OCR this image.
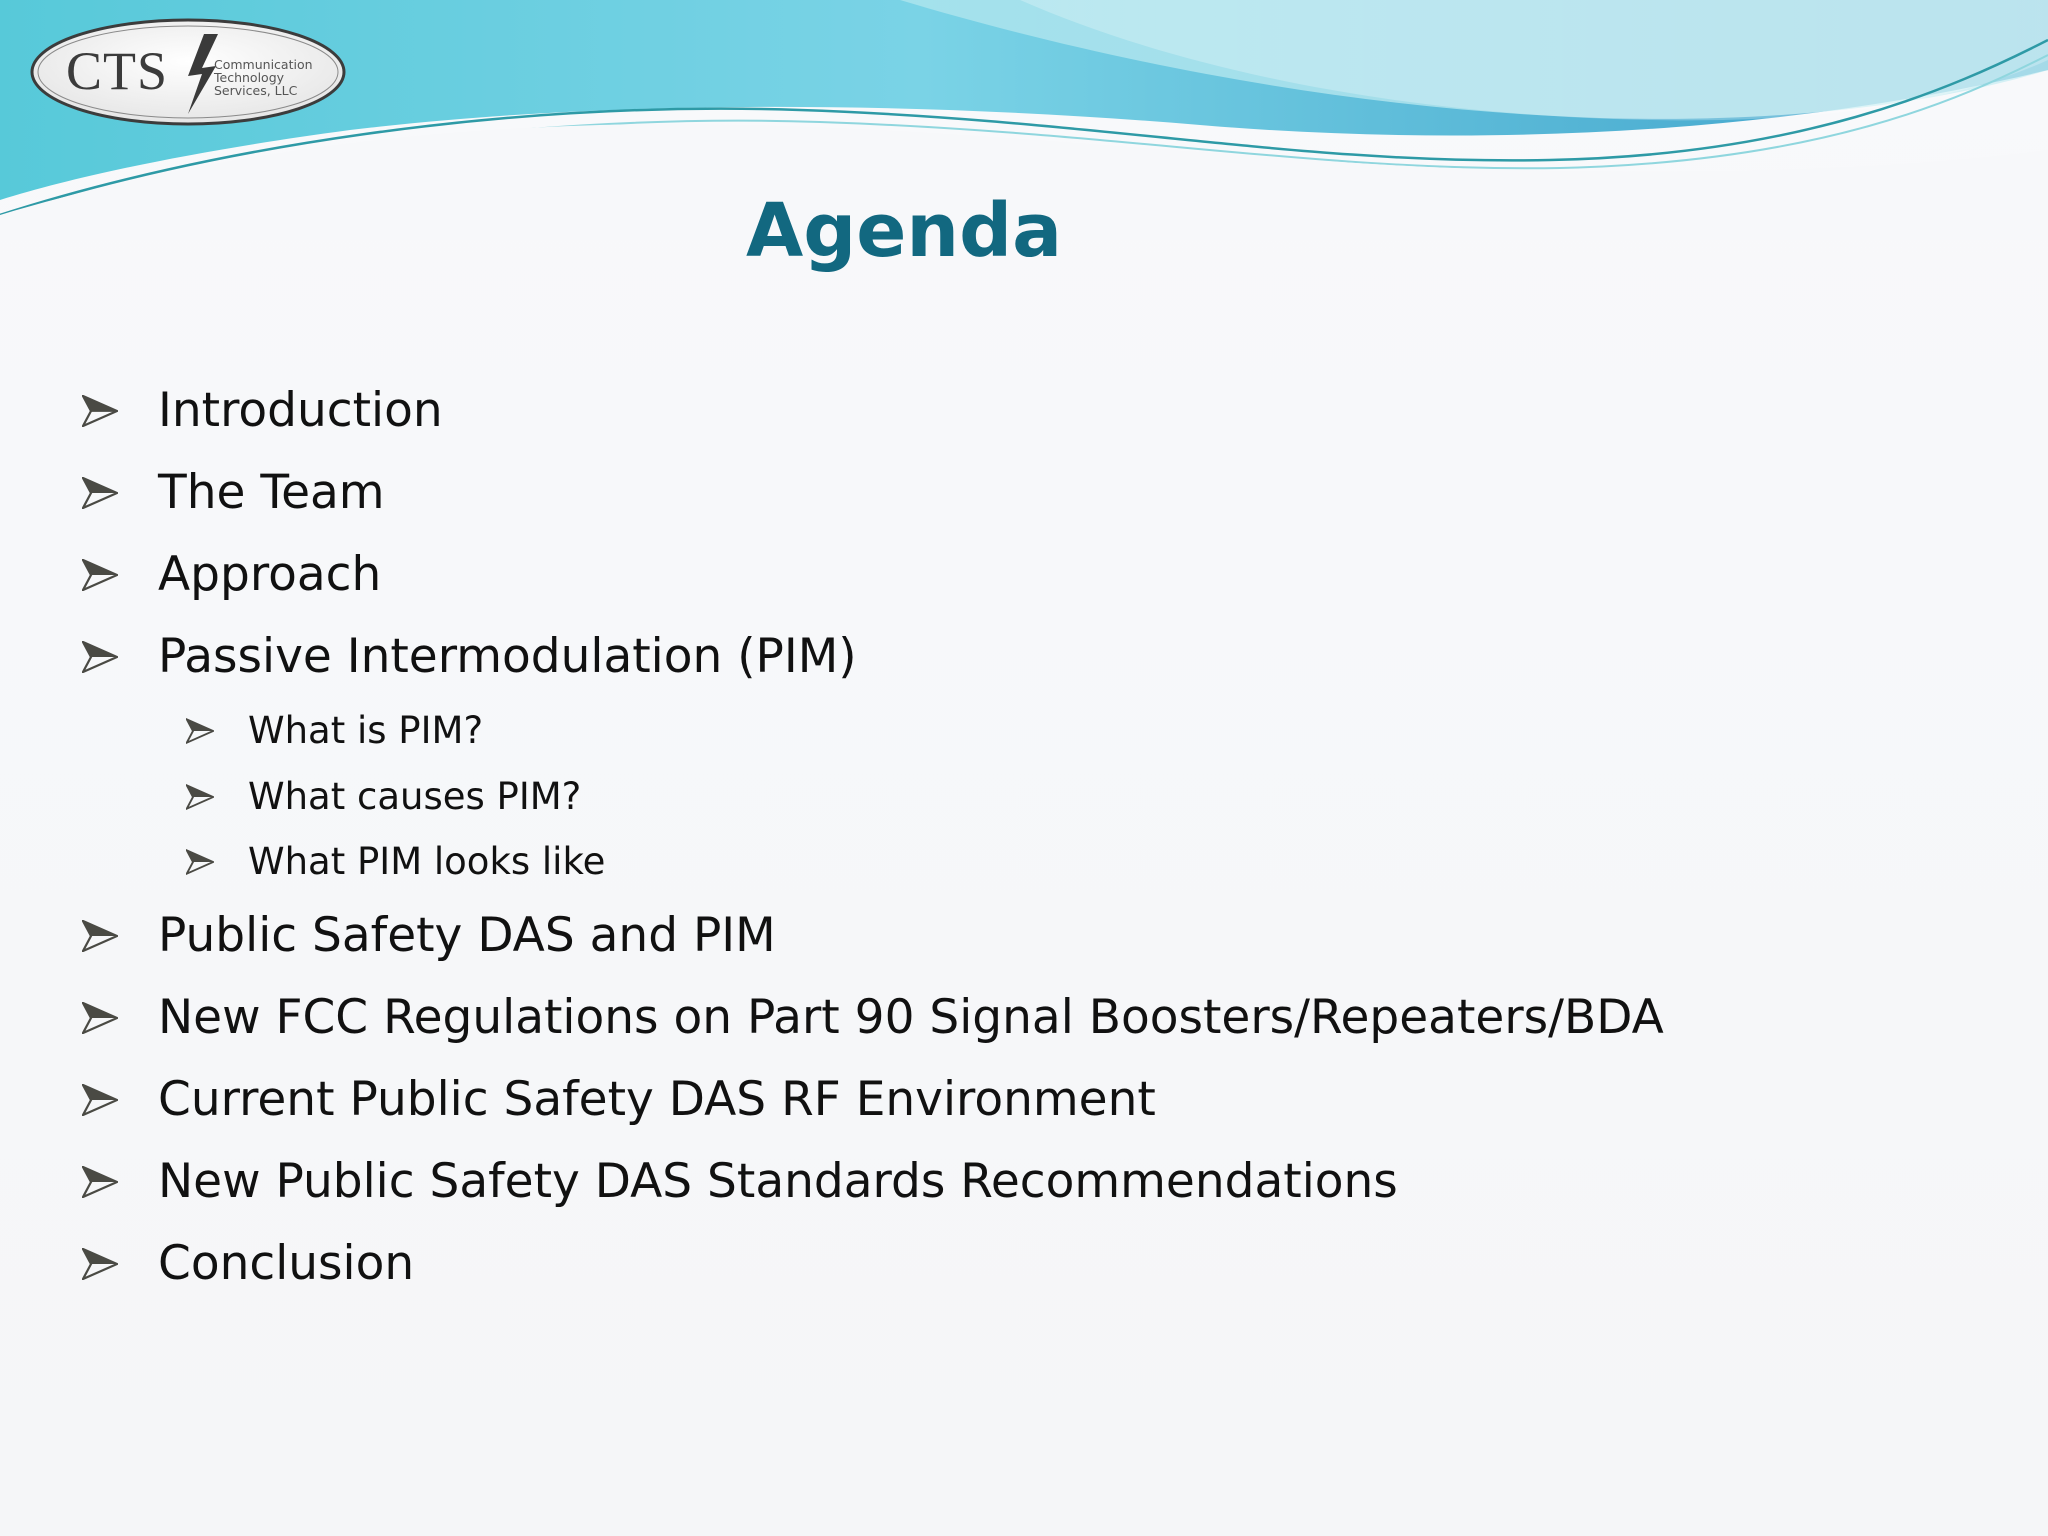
CTS	Communication
Technology
Services, LLC
Agenda
Introduction
The Team
Approach
Passive Intermodulation (PIM)
What is PIM?
What causes PIM?
What PIM looks like
Public Safety DAS and PIM
New FCC Regulations on Part 90 Signal Boosters/Repeaters/BDA
Current Public Safety DAS RF Environment
New Public Safety DAS Standards Recommendations
Conclusion
